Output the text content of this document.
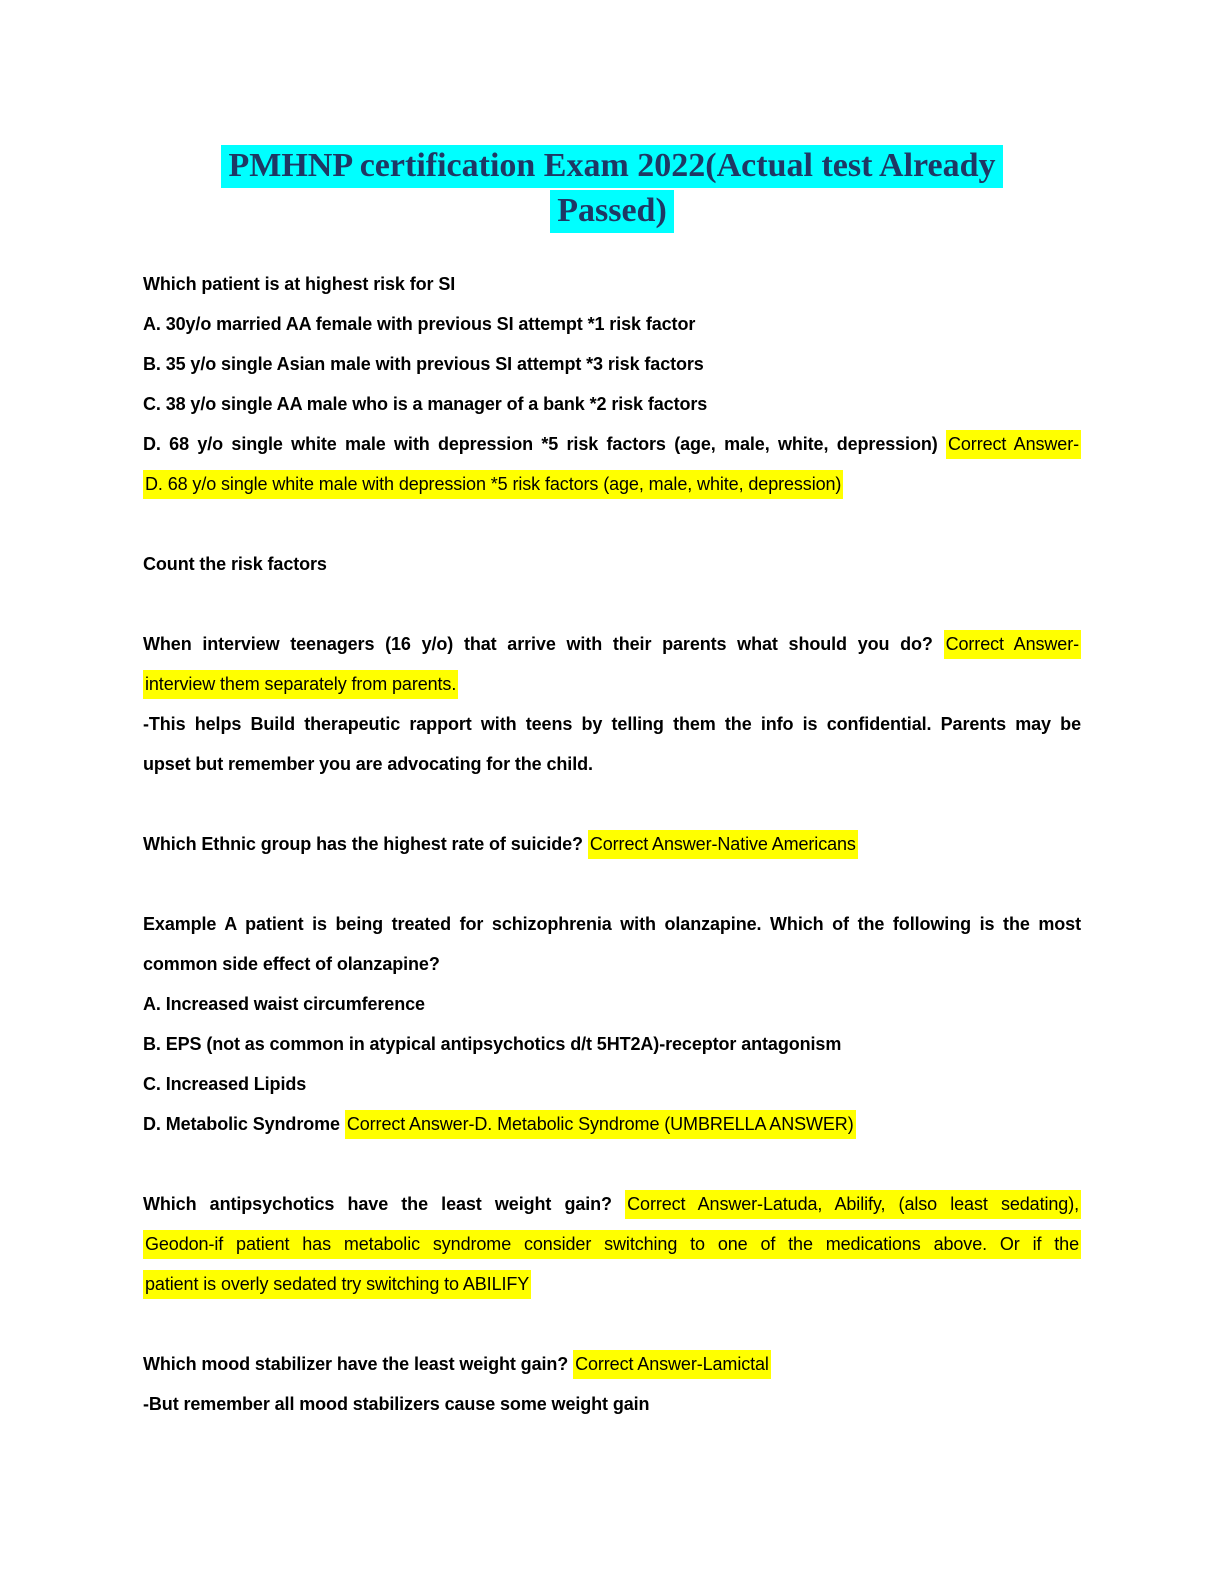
PMHNP certification Exam 2022(Actual test Already
Passed)

Which patient is at highest risk for SI

A. 30y/o married AA female with previous SI attempt *1 risk factor

B. 35 y/o single Asian male with previous SI attempt *3 risk factors

C. 38 y/o single AA male who is a manager of a bank *2 risk factors

D. 68 y/o single white male with depression *5 risk factors (age, male, white, depression) Correct Answer-
D. 68 y/o single white male with depression *5 risk factors (age, male, white, depression)

Count the risk factors

When interview teenagers (16 y/o) that arrive with their parents what should you do? Correct Answer-
interview them separately from parents.

-This helps Build therapeutic rapport with teens by telling them the info is confidential. Parents may be
upset but remember you are advocating for the child.

Which Ethnic group has the highest rate of suicide? Correct Answer-Native Americans

Example A patient is being treated for schizophrenia with olanzapine. Which of the following is the most
common side effect of olanzapine?

A. Increased waist circumference

B. EPS (not as common in atypical antipsychotics d/t 5HT2A)-receptor antagonism

C. Increased Lipids

D. Metabolic Syndrome Correct Answer-D. Metabolic Syndrome (UMBRELLA ANSWER)

Which antipsychotics have the least weight gain? Correct Answer-Latuda, Abilify, (also least sedating),
Geodon-if patient has metabolic syndrome consider switching to one of the medications above. Or if the
patient is overly sedated try switching to ABILIFY

Which mood stabilizer have the least weight gain? Correct Answer-Lamictal

-But remember all mood stabilizers cause some weight gain
